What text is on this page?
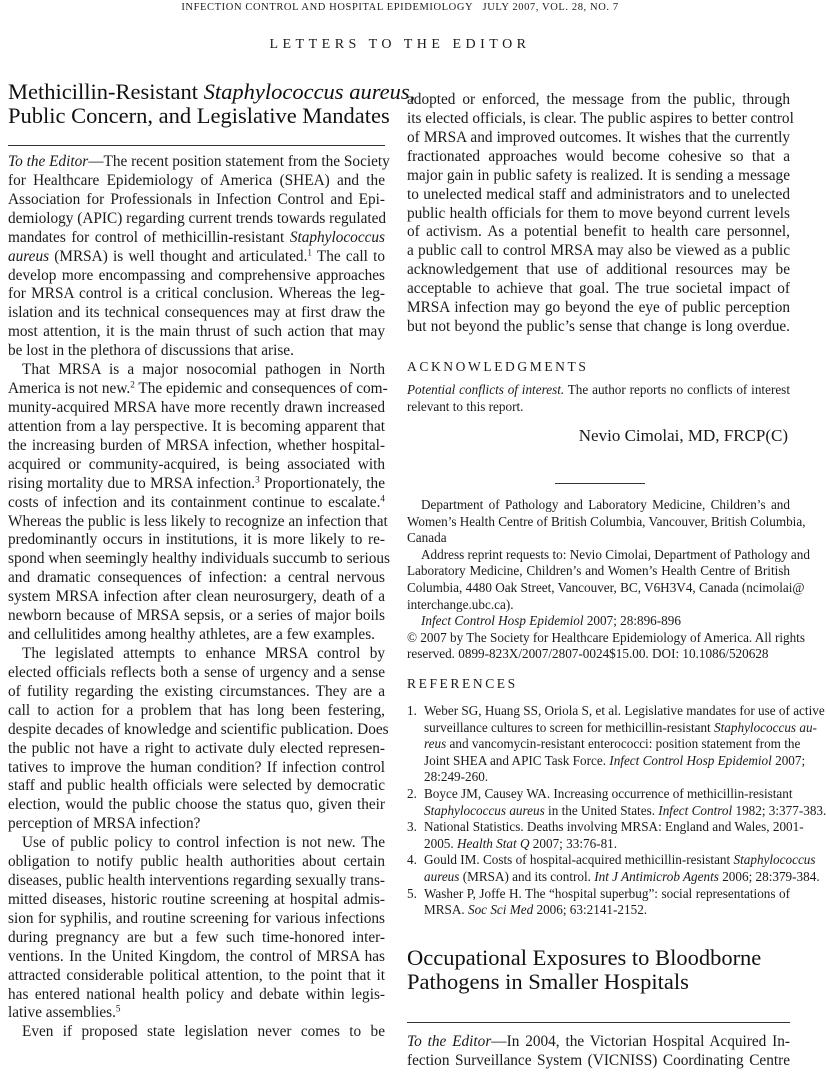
INFECTION CONTROL AND HOSPITAL EPIDEMIOLOGY   JULY 2007, VOL. 28, NO. 7
LETTERS TO THE EDITOR
Methicillin-Resistant Staphylococcus aureus,
Public Concern, and Legislative Mandates
To the Editor—The recent position statement from the Society
for Healthcare Epidemiology of America (SHEA) and the
Association for Professionals in Infection Control and Epi-
demiology (APIC) regarding current trends towards regulated
mandates for control of methicillin-resistant Staphylococcus
aureus (MRSA) is well thought and articulated.$^1$ The call to
develop more encompassing and comprehensive approaches
for MRSA control is a critical conclusion. Whereas the leg-
islation and its technical consequences may at first draw the
most attention, it is the main thrust of such action that may
be lost in the plethora of discussions that arise.
That MRSA is a major nosocomial pathogen in North
America is not new.$^2$ The epidemic and consequences of com-
munity-acquired MRSA have more recently drawn increased
attention from a lay perspective. It is becoming apparent that
the increasing burden of MRSA infection, whether hospital-
acquired or community-acquired, is being associated with
rising mortality due to MRSA infection.$^3$ Proportionately, the
costs of infection and its containment continue to escalate.$^4$
Whereas the public is less likely to recognize an infection that
predominantly occurs in institutions, it is more likely to re-
spond when seemingly healthy individuals succumb to serious
and dramatic consequences of infection: a central nervous
system MRSA infection after clean neurosurgery, death of a
newborn because of MRSA sepsis, or a series of major boils
and cellulitides among healthy athletes, are a few examples.
The legislated attempts to enhance MRSA control by
elected officials reflects both a sense of urgency and a sense
of futility regarding the existing circumstances. They are a
call to action for a problem that has long been festering,
despite decades of knowledge and scientific publication. Does
the public not have a right to activate duly elected represen-
tatives to improve the human condition? If infection control
staff and public health officials were selected by democratic
election, would the public choose the status quo, given their
perception of MRSA infection?
Use of public policy to control infection is not new. The
obligation to notify public health authorities about certain
diseases, public health interventions regarding sexually trans-
mitted diseases, historic routine screening at hospital admis-
sion for syphilis, and routine screening for various infections
during pregnancy are but a few such time-honored inter-
ventions. In the United Kingdom, the control of MRSA has
attracted considerable political attention, to the point that it
has entered national health policy and debate within legis-
lative assemblies.$^5$
Even if proposed state legislation never comes to be
adopted or enforced, the message from the public, through
its elected officials, is clear. The public aspires to better control
of MRSA and improved outcomes. It wishes that the currently
fractionated approaches would become cohesive so that a
major gain in public safety is realized. It is sending a message
to unelected medical staff and administrators and to unelected
public health officials for them to move beyond current levels
of activism. As a potential benefit to health care personnel,
a public call to control MRSA may also be viewed as a public
acknowledgement that use of additional resources may be
acceptable to achieve that goal. The true societal impact of
MRSA infection may go beyond the eye of public perception
but not beyond the public’s sense that change is long overdue.
ACKNOWLEDGMENTS
Potential conflicts of interest. The author reports no conflicts of interest
relevant to this report.
Nevio Cimolai, MD, FRCP(C)
Department of Pathology and Laboratory Medicine, Children’s and
Women’s Health Centre of British Columbia, Vancouver, British Columbia,
Canada
Address reprint requests to: Nevio Cimolai, Department of Pathology and
Laboratory Medicine, Children’s and Women’s Health Centre of British
Columbia, 4480 Oak Street, Vancouver, BC, V6H3V4, Canada (ncimolai@
interchange.ubc.ca).
Infect Control Hosp Epidemiol 2007; 28:896-896
© 2007 by The Society for Healthcare Epidemiology of America. All rights
reserved. 0899-823X/2007/2807-0024$15.00. DOI: 10.1086/520628
REFERENCES
1. Weber SG, Huang SS, Oriola S, et al. Legislative mandates for use of active
surveillance cultures to screen for methicillin-resistant Staphylococcus au-
reus and vancomycin-resistant enterococci: position statement from the
Joint SHEA and APIC Task Force. Infect Control Hosp Epidemiol 2007;
28:249-260.
2. Boyce JM, Causey WA. Increasing occurrence of methicillin-resistant
Staphylococcus aureus in the United States. Infect Control 1982; 3:377-383.
3. National Statistics. Deaths involving MRSA: England and Wales, 2001-
2005. Health Stat Q 2007; 33:76-81.
4. Gould IM. Costs of hospital-acquired methicillin-resistant Staphylococcus
aureus (MRSA) and its control. Int J Antimicrob Agents 2006; 28:379-384.
5. Washer P, Joffe H. The “hospital superbug”: social representations of
MRSA. Soc Sci Med 2006; 63:2141-2152.
Occupational Exposures to Bloodborne
Pathogens in Smaller Hospitals
To the Editor—In 2004, the Victorian Hospital Acquired In-
fection Surveillance System (VICNISS) Coordinating Centre
